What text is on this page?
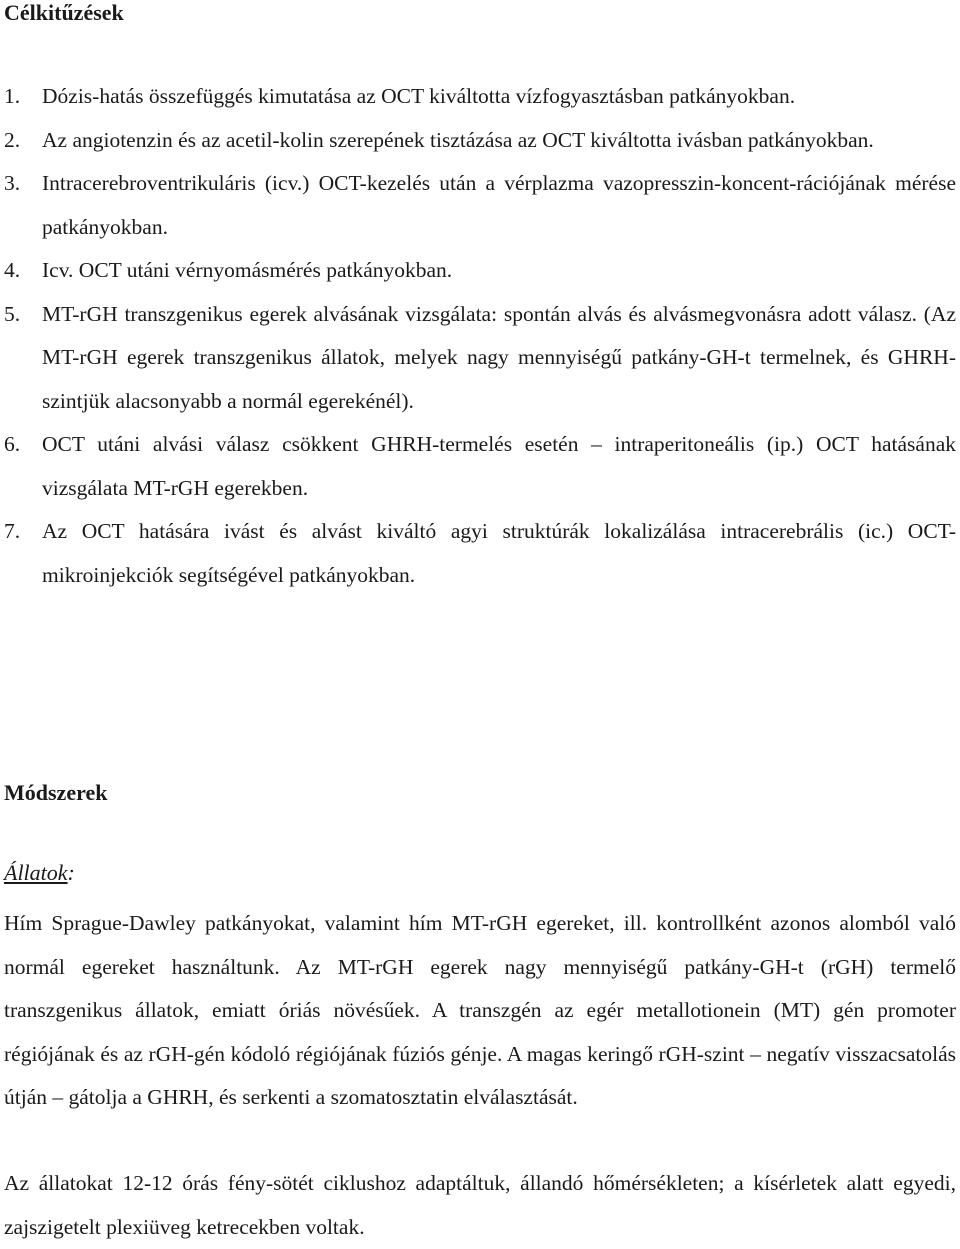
Célkitűzések
1. Dózis-hatás összefüggés kimutatása az OCT kiváltotta vízfogyasztásban patkányokban.
2. Az angiotenzin és az acetil-kolin szerepének tisztázása az OCT kiváltotta ivásban patkányokban.
3. Intracerebroventrikuláris (icv.) OCT-kezelés után a vérplazma vazopresszin-koncent-rációjának mérése patkányokban.
4. Icv. OCT utáni vérnyomásmérés patkányokban.
5. MT-rGH transzgenikus egerek alvásának vizsgálata: spontán alvás és alvásmegvonásra adott válasz. (Az MT-rGH egerek transzgenikus állatok, melyek nagy mennyiségű patkány-GH-t termelnek, és GHRH-szintjük alacsonyabb a normál egerekénél).
6. OCT utáni alvási válasz csökkent GHRH-termelés esetén – intraperitoneális (ip.) OCT hatásának vizsgálata MT-rGH egerekben.
7. Az OCT hatására ivást és alvást kiváltó agyi struktúrák lokalizálása intracerebrális (ic.) OCT-mikroinjekciók segítségével patkányokban.
Módszerek

Állatok:

Hím Sprague-Dawley patkányokat, valamint hím MT-rGH egereket, ill. kontrollként azonos alomból való normál egereket használtunk. Az MT-rGH egerek nagy mennyiségű patkány-GH-t (rGH) termelő transzgenikus állatok, emiatt óriás növésűek. A transzgén az egér metallotionein (MT) gén promoter régiójának és az rGH-gén kódoló régiójának fúziós génje. A magas keringő rGH-szint – negatív visszacsatolás útján – gátolja a GHRH, és serkenti a szomatosztatin elválasztását.

Az állatokat 12-12 órás fény-sötét ciklushoz adaptáltuk, állandó hőmérsékleten; a kísérletek alatt egyedi, zajszigetelt plexiüveg ketrecekben voltak.
